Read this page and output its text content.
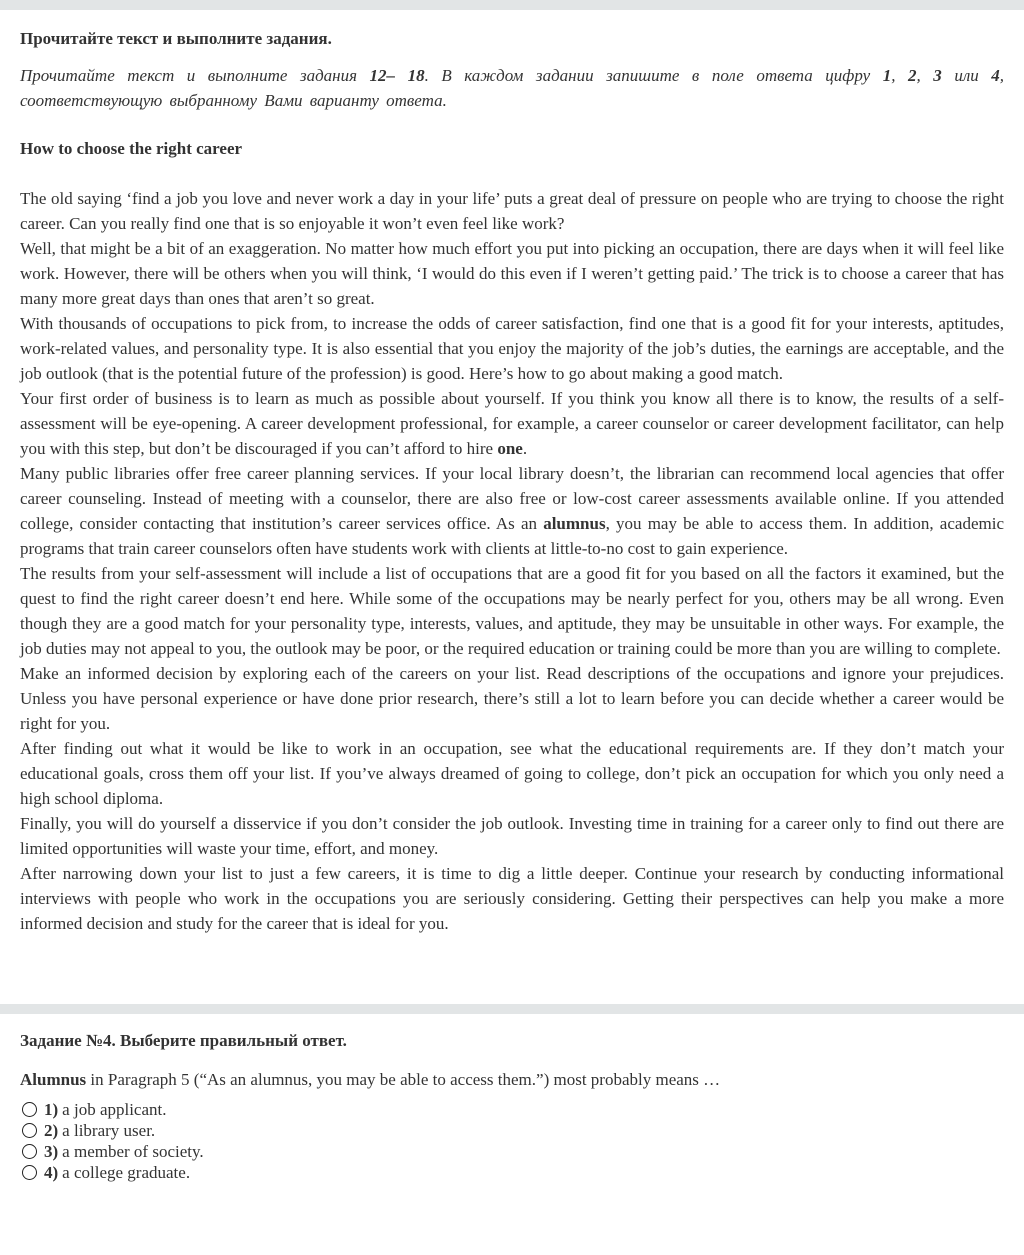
Прочитайте текст и выполните задания.

Прочитайте текст и выполните задания 12– 18. В каждом задании запишите в поле ответа цифру 1, 2, 3 или 4, соответствующую выбранному Вами варианту ответа.

How to choose the right career

The old saying ‘find a job you love and never work a day in your life’ puts a great deal of pressure on people who are trying to choose the right career. Can you really find one that is so enjoyable it won’t even feel like work?

Well, that might be a bit of an exaggeration. No matter how much effort you put into picking an occupation, there are days when it will feel like work. However, there will be others when you will think, ‘I would do this even if I weren’t getting paid.’ The trick is to choose a career that has many more great days than ones that aren’t so great.

With thousands of occupations to pick from, to increase the odds of career satisfaction, find one that is a good fit for your interests, aptitudes, work-related values, and personality type. It is also essential that you enjoy the majority of the job’s duties, the earnings are acceptable, and the job outlook (that is the potential future of the profession) is good. Here’s how to go about making a good match.

Your first order of business is to learn as much as possible about yourself. If you think you know all there is to know, the results of a self-assessment will be eye-opening. A career development professional, for example, a career counselor or career development facilitator, can help you with this step, but don’t be discouraged if you can’t afford to hire one.

Many public libraries offer free career planning services. If your local library doesn’t, the librarian can recommend local agencies that offer career counseling. Instead of meeting with a counselor, there are also free or low-cost career assessments available online. If you attended college, consider contacting that institution’s career services office. As an alumnus, you may be able to access them. In addition, academic programs that train career counselors often have students work with clients at little-to-no cost to gain experience.

The results from your self-assessment will include a list of occupations that are a good fit for you based on all the factors it examined, but the quest to find the right career doesn’t end here. While some of the occupations may be nearly perfect for you, others may be all wrong. Even though they are a good match for your personality type, interests, values, and aptitude, they may be unsuitable in other ways. For example, the job duties may not appeal to you, the outlook may be poor, or the required education or training could be more than you are willing to complete.

Make an informed decision by exploring each of the careers on your list. Read descriptions of the occupations and ignore your prejudices. Unless you have personal experience or have done prior research, there’s still a lot to learn before you can decide whether a career would be right for you.

After finding out what it would be like to work in an occupation, see what the educational requirements are. If they don’t match your educational goals, cross them off your list. If you’ve always dreamed of going to college, don’t pick an occupation for which you only need a high school diploma.

Finally, you will do yourself a disservice if you don’t consider the job outlook. Investing time in training for a career only to find out there are limited opportunities will waste your time, effort, and money.

After narrowing down your list to just a few careers, it is time to dig a little deeper. Continue your research by conducting informational interviews with people who work in the occupations you are seriously considering. Getting their perspectives can help you make a more informed decision and study for the career that is ideal for you.

Задание №4. Выберите правильный ответ.

Alumnus in Paragraph 5 (“As an alumnus, you may be able to access them.”) most probably means …

1) a job applicant.
2) a library user.
3) a member of society.
4) a college graduate.
